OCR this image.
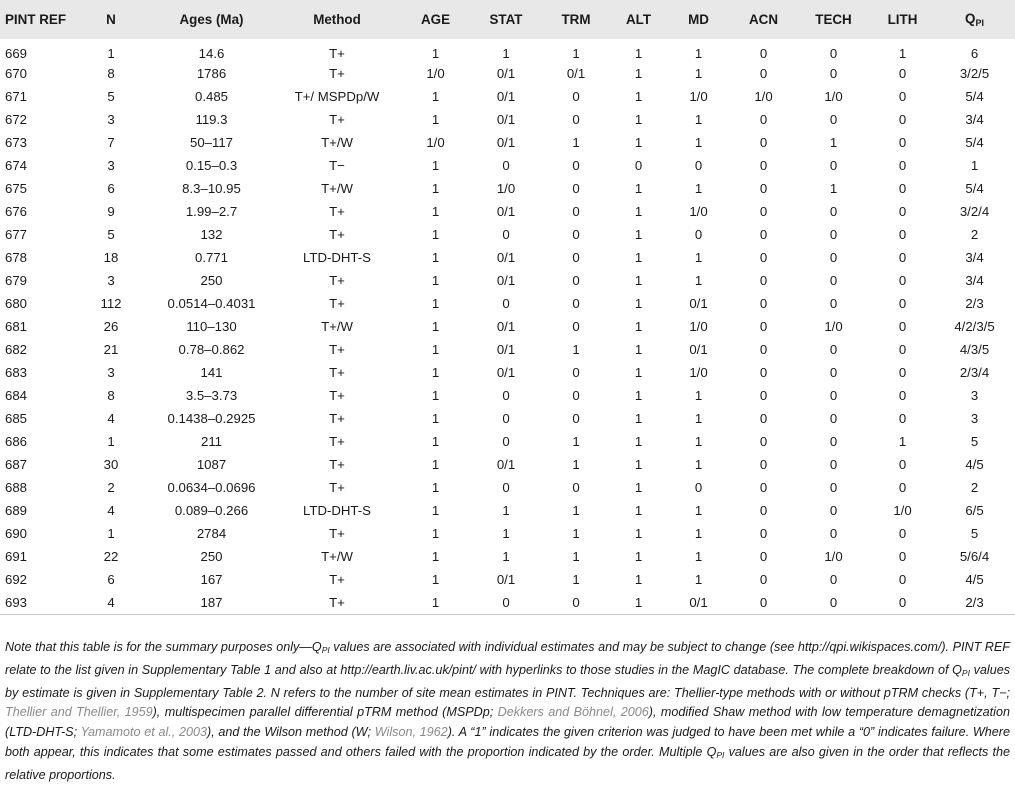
PINT REF	N	Ages (Ma)	Method	AGE	STAT	TRM	ALT	MD	ACN	TECH	LITH	$Q_{PI}$
669	1	14.6	T+	1	1	1	1	1	0	0	1	6
670	8	1786	T+	1/0	0/1	0/1	1	1	0	0	0	3/2/5
671	5	0.485	T+/ MSPDp/W	1	0/1	0	1	1/0	1/0	1/0	0	5/4
672	3	119.3	T+	1	0/1	0	1	1	0	0	0	3/4
673	7	50–117	T+/W	1/0	0/1	1	1	1	0	1	0	5/4
674	3	0.15–0.3	T−	1	0	0	0	0	0	0	0	1
675	6	8.3–10.95	T+/W	1	1/0	0	1	1	0	1	0	5/4
676	9	1.99–2.7	T+	1	0/1	0	1	1/0	0	0	0	3/2/4
677	5	132	T+	1	0	0	1	0	0	0	0	2
678	18	0.771	LTD-DHT-S	1	0/1	0	1	1	0	0	0	3/4
679	3	250	T+	1	0/1	0	1	1	0	0	0	3/4
680	112	0.0514–0.4031	T+	1	0	0	1	0/1	0	0	0	2/3
681	26	110–130	T+/W	1	0/1	0	1	1/0	0	1/0	0	4/2/3/5
682	21	0.78–0.862	T+	1	0/1	1	1	0/1	0	0	0	4/3/5
683	3	141	T+	1	0/1	0	1	1/0	0	0	0	2/3/4
684	8	3.5–3.73	T+	1	0	0	1	1	0	0	0	3
685	4	0.1438–0.2925	T+	1	0	0	1	1	0	0	0	3
686	1	211	T+	1	0	1	1	1	0	0	1	5
687	30	1087	T+	1	0/1	1	1	1	0	0	0	4/5
688	2	0.0634–0.0696	T+	1	0	0	1	0	0	0	0	2
689	4	0.089–0.266	LTD-DHT-S	1	1	1	1	1	0	0	1/0	6/5
690	1	2784	T+	1	1	1	1	1	0	0	0	5
691	22	250	T+/W	1	1	1	1	1	0	1/0	0	5/6/4
692	6	167	T+	1	0/1	1	1	1	0	0	0	4/5
693	4	187	T+	1	0	0	1	0/1	0	0	0	2/3
Note that this table is for the summary purposes $only—Q_{PI}$ values are associated with individual estimates and may be subject to change (see http://qpi.wikispaces.com/). PINT REF relate to the list given in Supplementary Table 1 and also at http://earth.liv.ac.uk/pint/ with hyperlinks to those studies in the MagIC database. The complete breakdown of $Q_{PI}$ values by estimate is given in Supplementary Table 2. N refers to the number of site mean estimates in PINT. Techniques are: Thellier-type methods with or without pTRM checks (T+, T−; Thellier and Thellier, 1959), multispecimen parallel differential pTRM method (MSPDp; Dekkers and Böhnel, 2006), modified Shaw method with low temperature demagnetization (LTD-DHT-S; Yamamoto et al., 2003), and the Wilson method (W; Wilson, 1962). A “1” indicates the given criterion was judged to have been met while a “0” indicates failure. Where both appear, this indicates that some estimates passed and others failed with the proportion indicated by the order. Multiple $Q_{PI}$ values are also given in the order that reflects the relative proportions.
